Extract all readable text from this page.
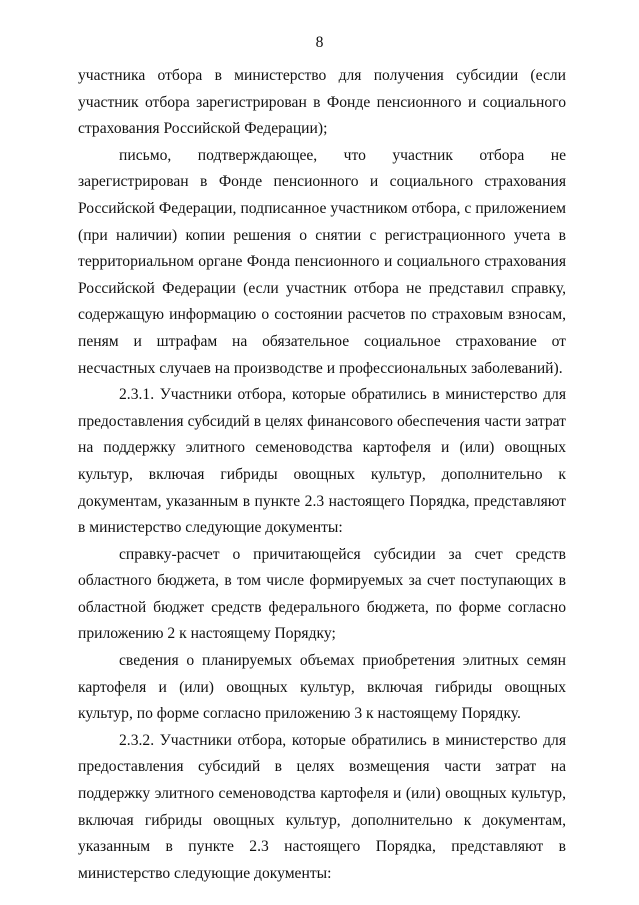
8

участника отбора в министерство для получения субсидии (если участник отбора зарегистрирован в Фонде пенсионного и социального страхования Российской Федерации);

письмо, подтверждающее, что участник отбора не зарегистрирован в Фонде пенсионного и социального страхования Российской Федерации, подписанное участником отбора, с приложением (при наличии) копии решения о снятии с регистрационного учета в территориальном органе Фонда пенсионного и социального страхования Российской Федерации (если участник отбора не представил справку, содержащую информацию о состоянии расчетов по страховым взносам, пеням и штрафам на обязательное социальное страхование от несчастных случаев на производстве и профессиональных заболеваний).

2.3.1. Участники отбора, которые обратились в министерство для предоставления субсидий в целях финансового обеспечения части затрат на поддержку элитного семеноводства картофеля и (или) овощных культур, включая гибриды овощных культур, дополнительно к документам, указанным в пункте 2.3 настоящего Порядка, представляют в министерство следующие документы:

справку-расчет о причитающейся субсидии за счет средств областного бюджета, в том числе формируемых за счет поступающих в областной бюджет средств федерального бюджета, по форме согласно приложению 2 к настоящему Порядку;

сведения о планируемых объемах приобретения элитных семян картофеля и (или) овощных культур, включая гибриды овощных культур, по форме согласно приложению 3 к настоящему Порядку.

2.3.2. Участники отбора, которые обратились в министерство для предоставления субсидий в целях возмещения части затрат на поддержку элитного семеноводства картофеля и (или) овощных культур, включая гибриды овощных культур, дополнительно к документам, указанным в пункте 2.3 настоящего Порядка, представляют в министерство следующие документы:
